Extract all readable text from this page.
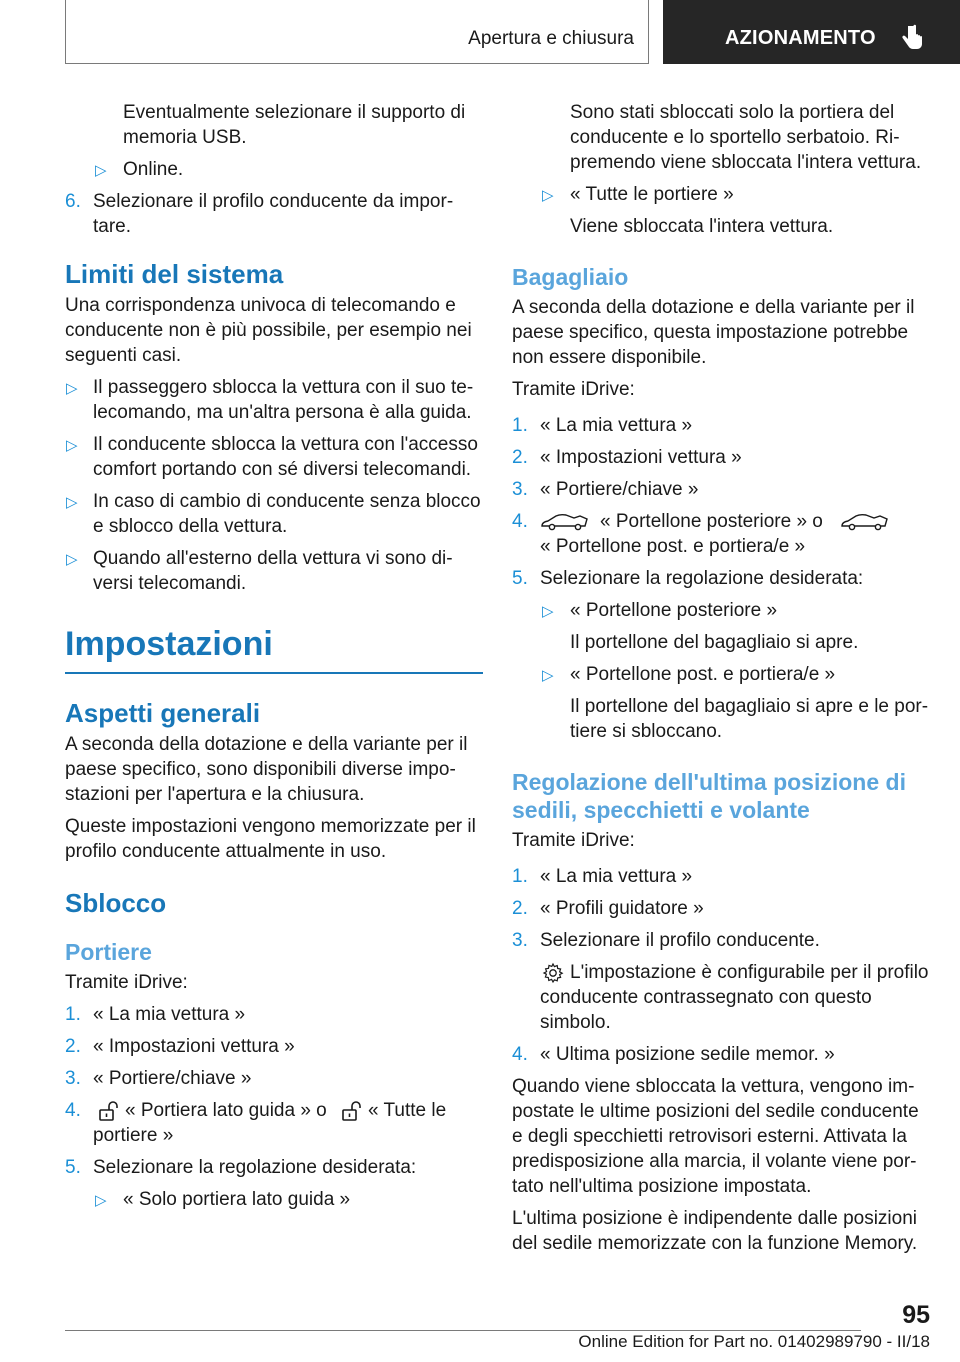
Apertura e chiusura	AZIONAMENTO
Eventualmente selezionare il supporto di memoria USB.
▷ Online.
6. Selezionare il profilo conducente da importare.
Limiti del sistema
Una corrispondenza univoca di telecomando e conducente non è più possibile, per esempio nei seguenti casi.
▷ Il passeggero sblocca la vettura con il suo telecomando, ma un'altra persona è alla guida.
▷ Il conducente sblocca la vettura con l'accesso comfort portando con sé diversi telecomandi.
▷ In caso di cambio di conducente senza blocco e sblocco della vettura.
▷ Quando all'esterno della vettura vi sono diversi telecomandi.
Impostazioni
Aspetti generali
A seconda della dotazione e della variante per il paese specifico, sono disponibili diverse impostazioni per l'apertura e la chiusura.
Queste impostazioni vengono memorizzate per il profilo conducente attualmente in uso.
Sblocco
Portiere
Tramite iDrive:
1. « La mia vettura »
2. « Impostazioni vettura »
3. « Portiere/chiave »
4. « Portiera lato guida » o « Tutte le portiere »
5. Selezionare la regolazione desiderata:
▷ « Solo portiera lato guida »
Sono stati sbloccati solo la portiera del conducente e lo sportello serbatoio. Ripremendo viene sbloccata l'intera vettura.
▷ « Tutte le portiere »
Viene sbloccata l'intera vettura.
Bagagliaio
A seconda della dotazione e della variante per il paese specifico, questa impostazione potrebbe non essere disponibile.
Tramite iDrive:
1. « La mia vettura »
2. « Impostazioni vettura »
3. « Portiere/chiave »
4.	« Portellone posteriore » o
« Portellone post. e portiera/e »
5. Selezionare la regolazione desiderata:
▷ « Portellone posteriore »
Il portellone del bagagliaio si apre.
▷ « Portellone post. e portiera/e »
Il portellone del bagagliaio si apre e le portiere si sbloccano.
Regolazione dell'ultima posizione di sedili, specchietti e volante
Tramite iDrive:
1. « La mia vettura »
2. « Profili guidatore »
3. Selezionare il profilo conducente.
L'impostazione è configurabile per il profilo conducente contrassegnato con questo simbolo.
4. « Ultima posizione sedile memor. »
Quando viene sbloccata la vettura, vengono impostate le ultime posizioni del sedile conducente e degli specchietti retrovisori esterni. Attivata la predisposizione alla marcia, il volante viene portato nell'ultima posizione impostata.
L'ultima posizione è indipendente dalle posizioni del sedile memorizzate con la funzione Memory.
95
Online Edition for Part no. 01402989790 - II/18
